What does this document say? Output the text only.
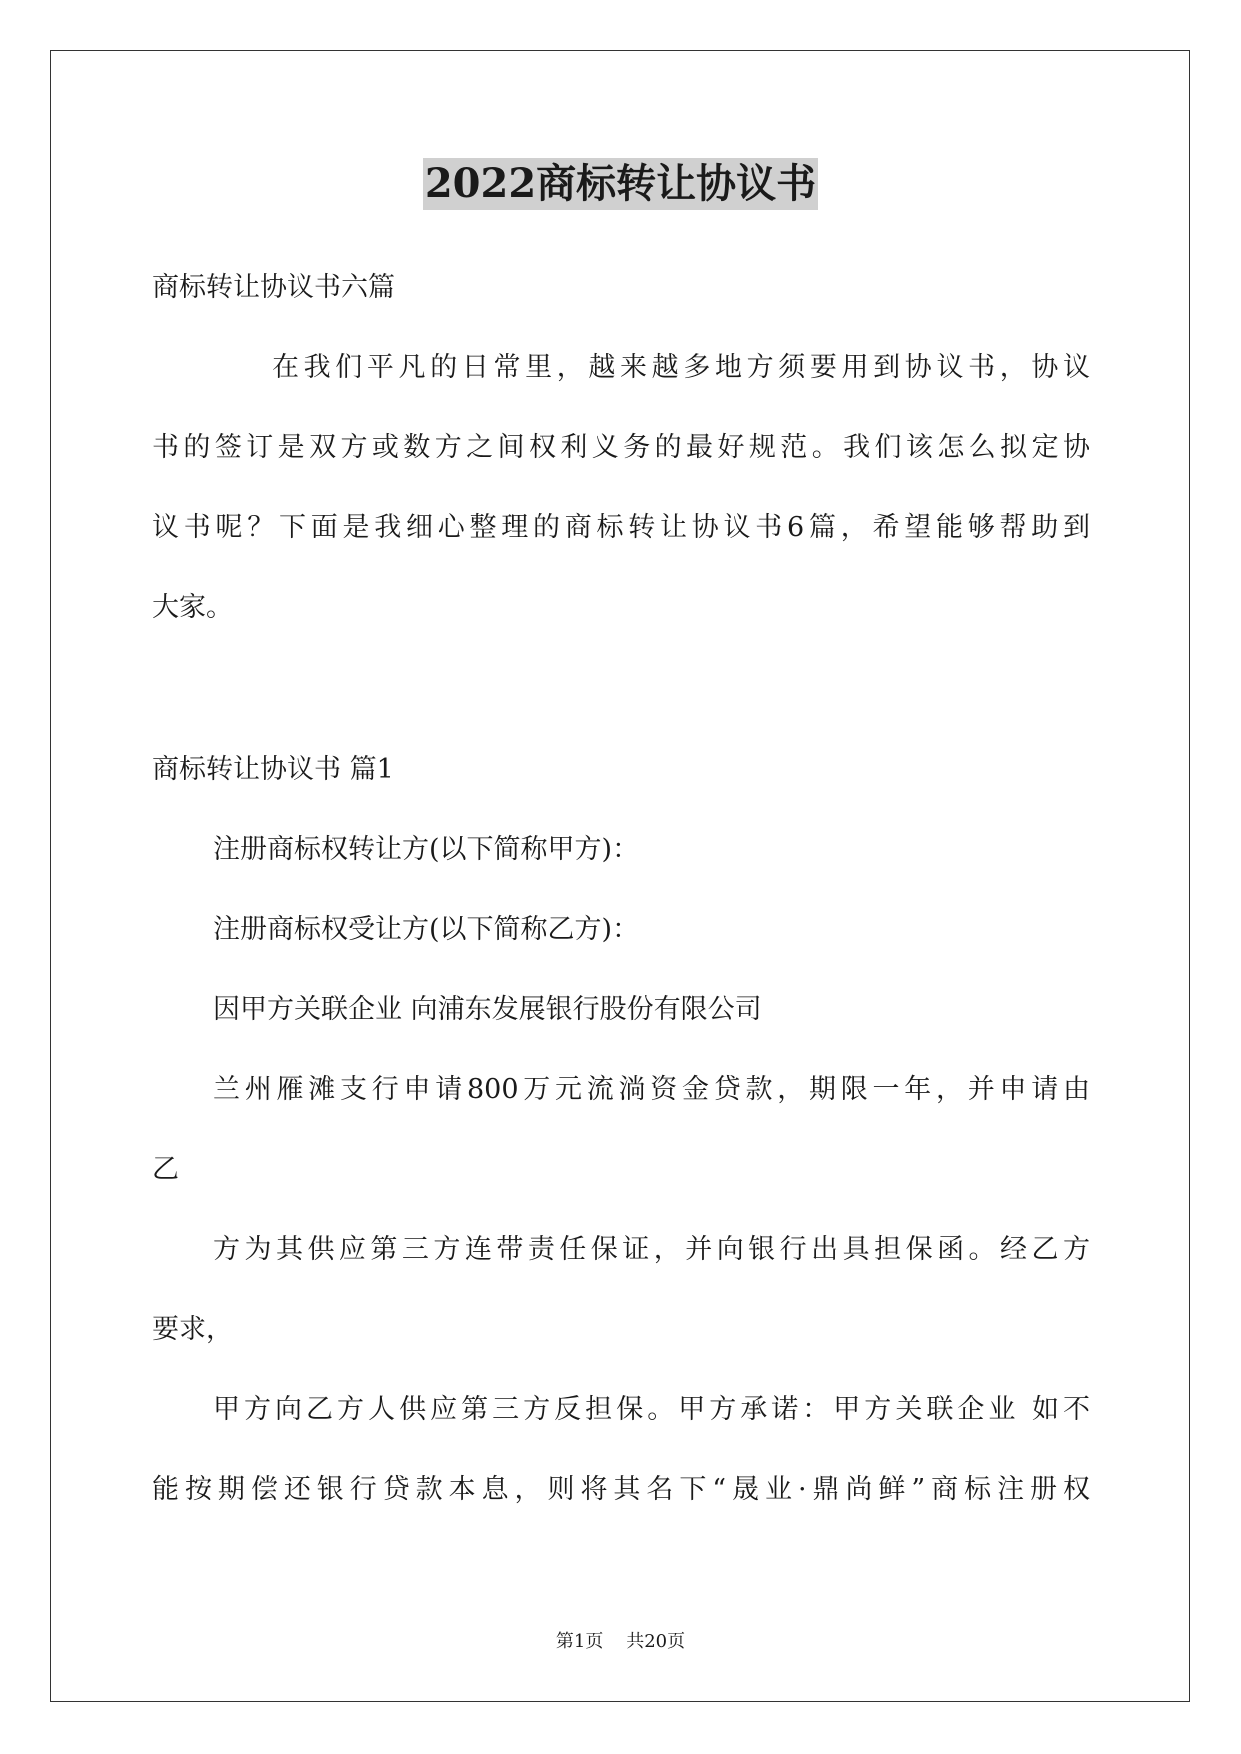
2022商标转让协议书
商标转让协议书六篇
在我们平凡的日常里，越来越多地方须要用到协议书，协议
书的签订是双方或数方之间权利义务的最好规范。我们该怎么拟定协
议书呢？下面是我细心整理的商标转让协议书6篇，希望能够帮助到
大家。
商标转让协议书 篇1
注册商标权转让方(以下简称甲方)：
注册商标权受让方(以下简称乙方)：
因甲方关联企业 向浦东发展银行股份有限公司
兰州雁滩支行申请800万元流淌资金贷款，期限一年，并申请由
乙
方为其供应第三方连带责任保证，并向银行出具担保函。经乙方
要求，
甲方向乙方人供应第三方反担保。甲方承诺：甲方关联企业 如不
能按期偿还银行贷款本息，则将其名下“晟业·鼎尚鲜”商标注册权
第1页 共20页
